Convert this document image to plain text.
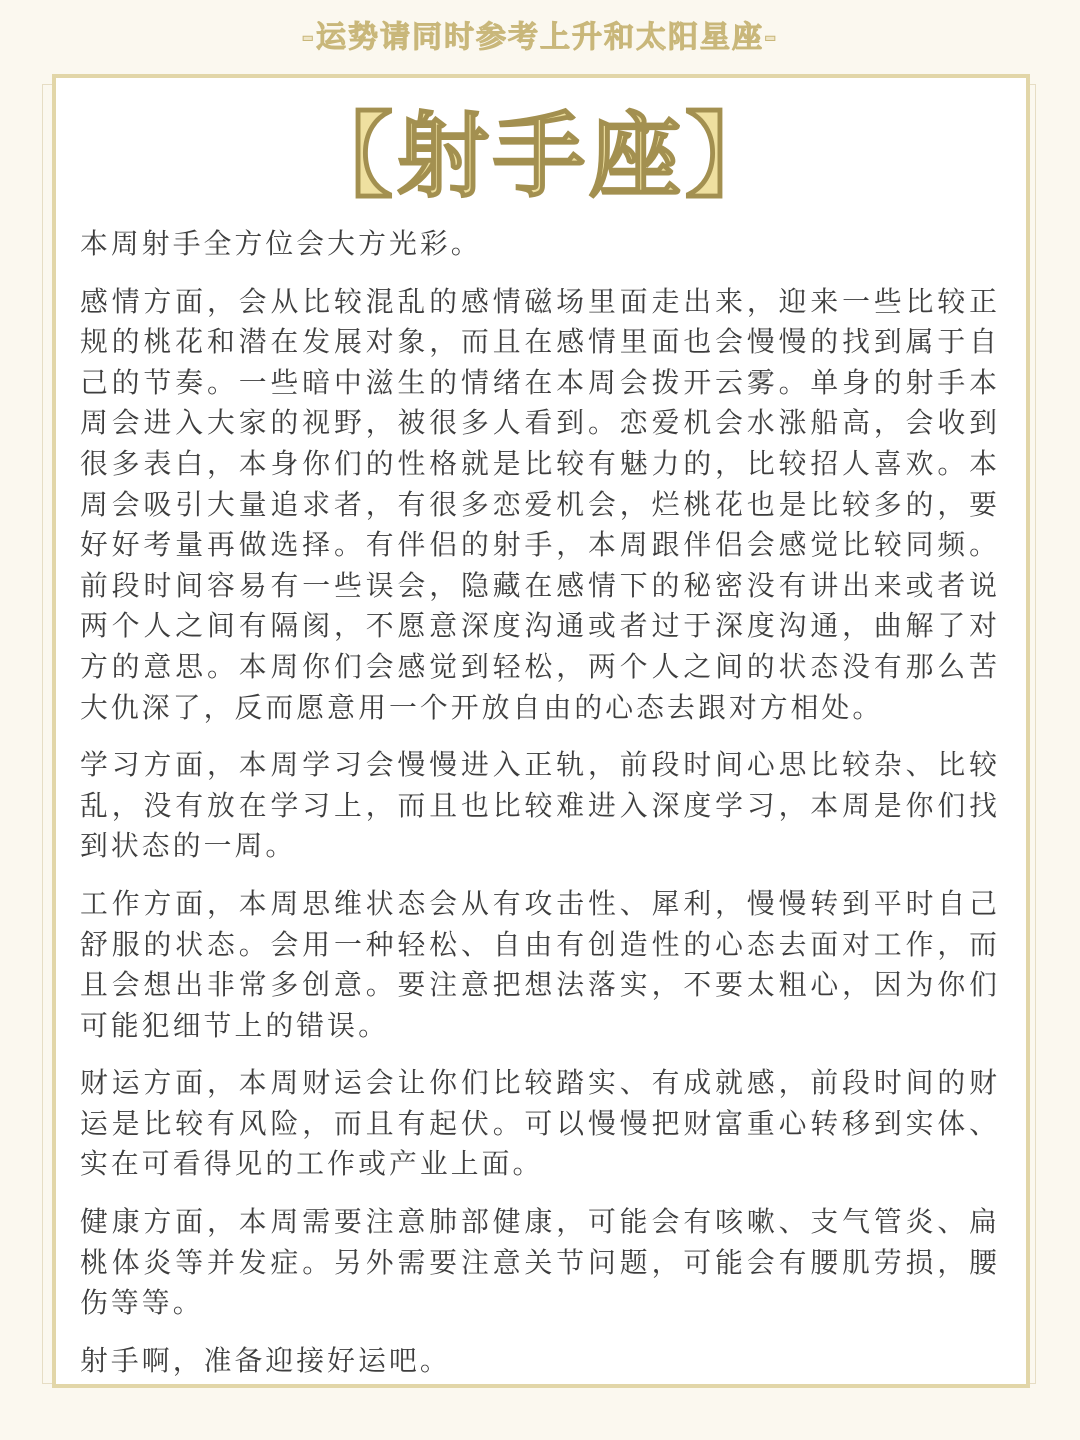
-运势请同时参考上升和太阳星座-
【射手座】

本周射手全方位会大方光彩。

感情方面，会从比较混乱的感情磁场里面走出来，迎来一些比较正规的桃花和潜在发展对象，而且在感情里面也会慢慢的找到属于自己的节奏。一些暗中滋生的情绪在本周会拨开云雾。单身的射手本周会进入大家的视野，被很多人看到。恋爱机会水涨船高，会收到很多表白，本身你们的性格就是比较有魅力的，比较招人喜欢。本周会吸引大量追求者，有很多恋爱机会，烂桃花也是比较多的，要好好考量再做选择。有伴侣的射手，本周跟伴侣会感觉比较同频。前段时间容易有一些误会，隐藏在感情下的秘密没有讲出来或者说两个人之间有隔阂，不愿意深度沟通或者过于深度沟通，曲解了对方的意思。本周你们会感觉到轻松，两个人之间的状态没有那么苦大仇深了，反而愿意用一个开放自由的心态去跟对方相处。

学习方面，本周学习会慢慢进入正轨，前段时间心思比较杂、比较乱，没有放在学习上，而且也比较难进入深度学习，本周是你们找到状态的一周。

工作方面，本周思维状态会从有攻击性、犀利，慢慢转到平时自己舒服的状态。会用一种轻松、自由有创造性的心态去面对工作，而且会想出非常多创意。要注意把想法落实，不要太粗心，因为你们可能犯细节上的错误。

财运方面，本周财运会让你们比较踏实、有成就感，前段时间的财运是比较有风险，而且有起伏。可以慢慢把财富重心转移到实体、实在可看得见的工作或产业上面。

健康方面，本周需要注意肺部健康，可能会有咳嗽、支气管炎、扁桃体炎等并发症。另外需要注意关节问题，可能会有腰肌劳损，腰伤等等。

射手啊，准备迎接好运吧。
